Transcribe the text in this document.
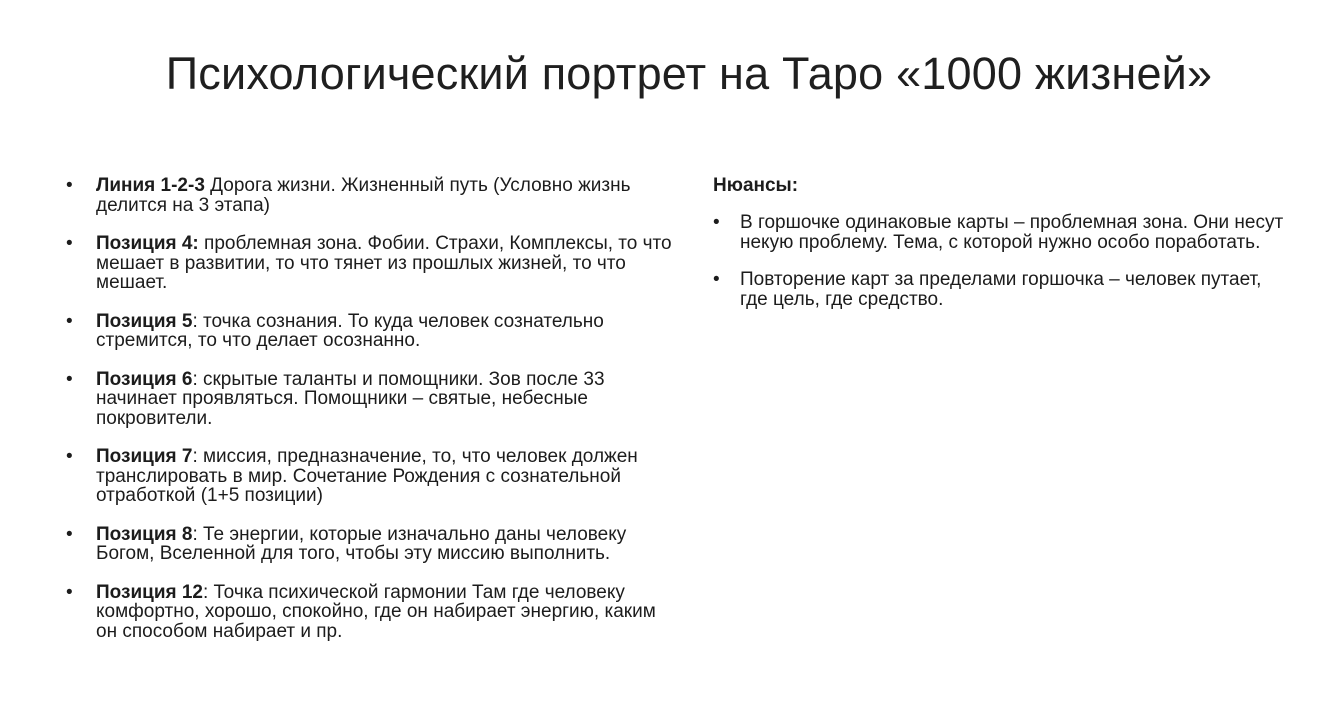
Психологический портрет на Таро «1000 жизней»
•	Линия 1-2-3 Дорога жизни. Жизненный путь (Условно жизнь делится на 3 этапа)
•	Позиция 4: проблемная зона. Фобии. Страхи, Комплексы, то что мешает в развитии, то что тянет из прошлых жизней, то что мешает.
•	Позиция 5: точка сознания. То куда человек сознательно стремится, то что делает осознанно.
•	Позиция 6: скрытые таланты и помощники. Зов после 33 начинает проявляться. Помощники – святые, небесные покровители.
•	Позиция 7: миссия, предназначение, то, что человек должен транслировать в мир. Сочетание Рождения с сознательной отработкой (1+5 позиции)
•	Позиция 8: Те энергии, которые изначально даны человеку Богом, Вселенной для того, чтобы эту миссию выполнить.
•	Позиция 12: Точка психической гармонии Там где человеку комфортно, хорошо, спокойно, где он набирает энергию, каким он способом набирает и пр.
Нюансы:
•	В горшочке одинаковые карты – проблемная зона. Они несут некую проблему. Тема, с которой нужно особо поработать.
•	Повторение карт за пределами горшочка – человек путает, где цель, где средство.
